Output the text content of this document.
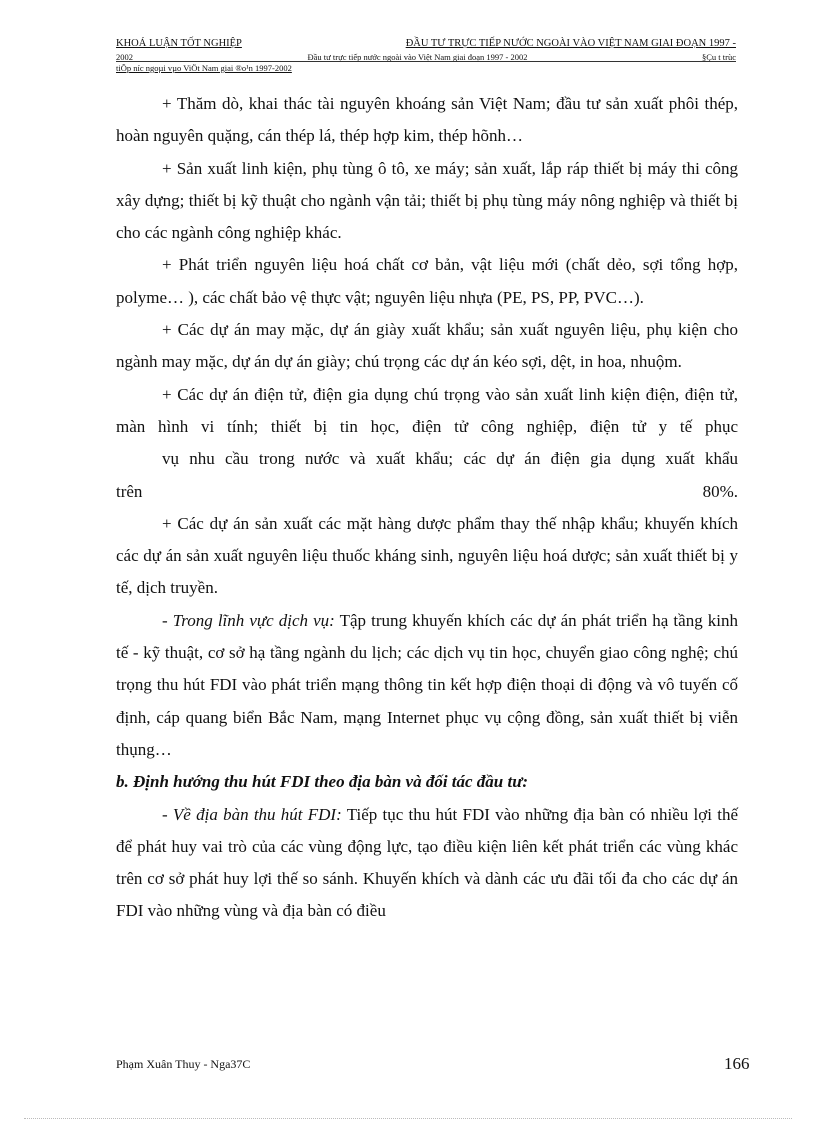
KHOÁ LUẬN TỐT NGHIỆP	ĐẦU TƯ TRỰC TIẾP NƯỚC NGOÀI VÀO VIỆT NAM GIAI ĐOẠN 1997 -
2002	Đầu tư trực tiếp nước ngoài vào Việt Nam giai đoạn 1997 - 2002	§Çu t trùc
tiÕp níc ngoµi vµo ViÖt Nam giai ®o¹n 1997-2002

+ Thăm dò, khai thác tài nguyên khoáng sản Việt Nam; đầu tư sản xuất phôi thép, hoàn nguyên quặng, cán thép lá, thép hợp kim, thép hõnh…

+ Sản xuất linh kiện, phụ tùng ô tô, xe máy; sản xuất, lắp ráp thiết bị máy thi công xây dựng; thiết bị kỹ thuật cho ngành vận tải; thiết bị phụ tùng máy nông nghiệp và thiết bị cho các ngành công nghiệp khác.

+ Phát triển nguyên liệu hoá chất cơ bản, vật liệu mới (chất dẻo, sợi tổng hợp, polyme… ), các chất bảo vệ thực vật; nguyên liệu nhựa (PE, PS, PP, PVC…).

+ Các dự án may mặc, dự án giày xuất khẩu; sản xuất nguyên liệu, phụ kiện cho ngành may mặc, dự án dự án giày; chú trọng các dự án kéo sợi, dệt, in hoa, nhuộm.

+ Các dự án điện tử, điện gia dụng chú trọng vào sản xuất linh kiện điện, điện tử, màn hình vi tính; thiết bị tin học, điện tử công nghiệp, điện tử y tế phục

vụ nhu cầu trong nước và xuất khẩu; các dự án điện gia dụng xuất khẩu

trên	80%.

+ Các dự án sản xuất các mặt hàng dược phẩm thay thế nhập khẩu; khuyến khích các dự án sản xuất nguyên liệu thuốc kháng sinh, nguyên liệu hoá dược; sản xuất thiết bị y tế, dịch truyền.

- Trong lĩnh vực dịch vụ: Tập trung khuyến khích các dự án phát triển hạ tầng kinh tế - kỹ thuật, cơ sở hạ tầng ngành du lịch; các dịch vụ tin học, chuyển giao công nghệ; chú trọng thu hút FDI vào phát triển mạng thông tin kết hợp điện thoại di động và vô tuyến cố định, cáp quang biển Bắc Nam, mạng Internet phục vụ cộng đồng, sản xuất thiết bị viễn thụng…

b. Định hướng thu hút FDI theo địa bàn và đối tác đầu tư:

- Về địa bàn thu hút FDI: Tiếp tục thu hút FDI vào những địa bàn có nhiều lợi thế để phát huy vai trò của các vùng động lực, tạo điều kiện liên kết phát triển các vùng khác trên cơ sở phát huy lợi thế so sánh. Khuyến khích và dành các ưu đãi tối đa cho các dự án FDI vào những vùng và địa bàn có điều

Phạm Xuân Thuy - Nga37C	166
